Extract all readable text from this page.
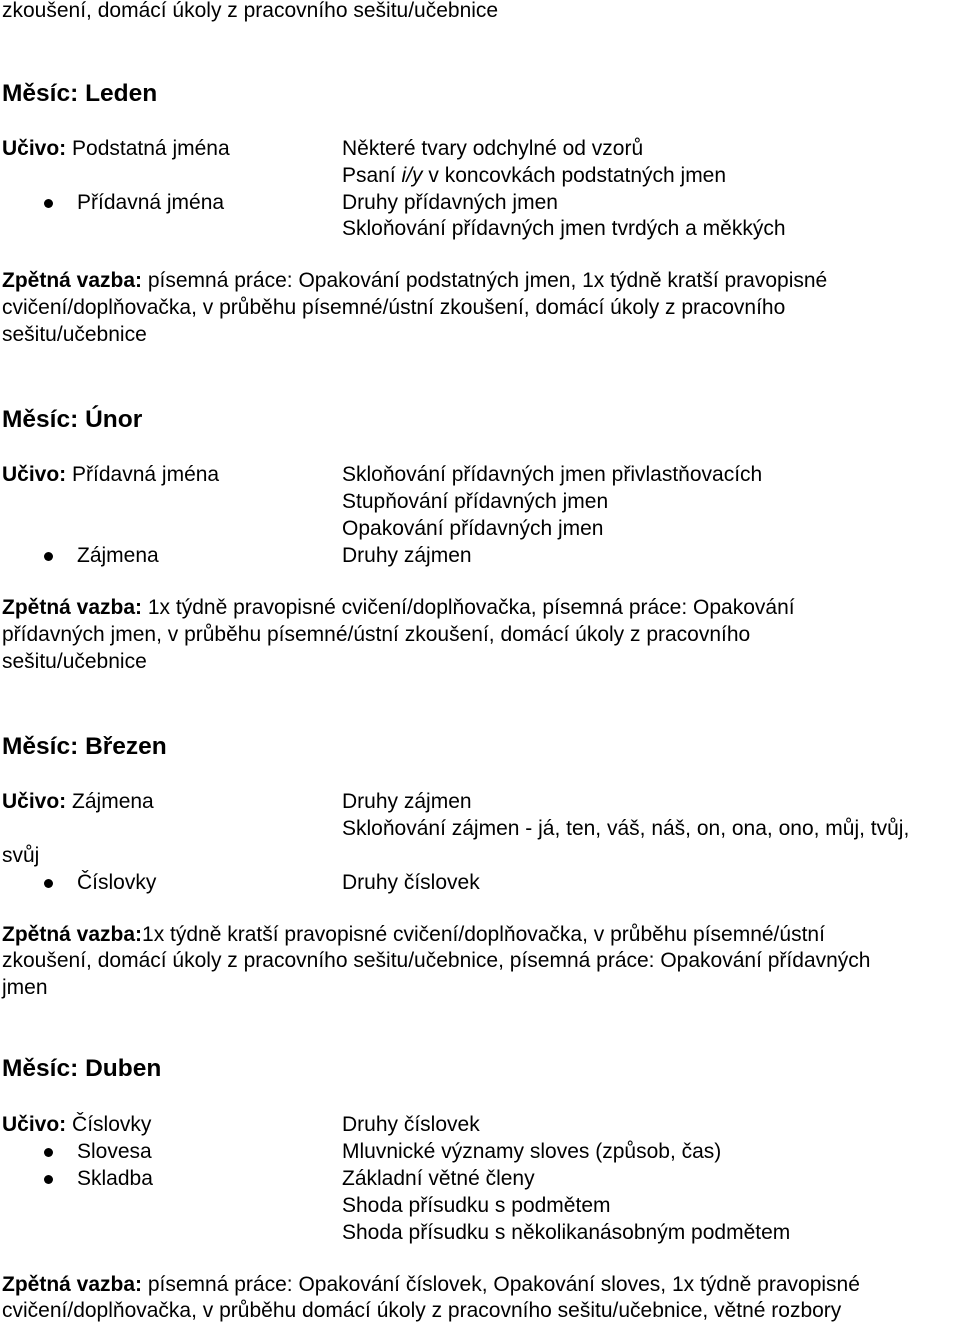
zkoušení, domácí úkoly z pracovního sešitu/učebnice
Měsíc: Leden
Učivo: Podstatná jména
Přídavná jména
Některé tvary odchylné od vzorů
Psaní i/y v koncovkách podstatných jmen
Druhy přídavných jmen
Skloňování přídavných jmen tvrdých a měkkých
Zpětná vazba: písemná práce: Opakování podstatných jmen, 1x týdně kratší pravopisné
cvičení/doplňovačka, v průběhu písemné/ústní zkoušení, domácí úkoly z pracovního
sešitu/učebnice
Měsíc: Únor
Učivo: Přídavná jména
Zájmena
Skloňování přídavných jmen přivlastňovacích
Stupňování přídavných jmen
Opakování přídavných jmen
Druhy zájmen
Zpětná vazba: 1x týdně pravopisné cvičení/doplňovačka, písemná práce: Opakování
přídavných jmen, v průběhu písemné/ústní zkoušení, domácí úkoly z pracovního
sešitu/učebnice
Měsíc: Březen
Učivo: Zájmena	Druhy zájmen
Skloňování zájmen - já, ten, váš, náš, on, ona, ono, můj, tvůj,
svůj
Číslovky	Druhy číslovek
Zpětná vazba:1x týdně kratší pravopisné cvičení/doplňovačka, v průběhu písemné/ústní
zkoušení, domácí úkoly z pracovního sešitu/učebnice, písemná práce: Opakování přídavných
jmen
Měsíc: Duben
Učivo: Číslovky
Slovesa
Skladba
Druhy číslovek
Mluvnické významy sloves (způsob, čas)
Základní větné členy
Shoda přísudku s podmětem
Shoda přísudku s několikanásobným podmětem
Zpětná vazba: písemná práce: Opakování číslovek, Opakování sloves, 1x týdně pravopisné
cvičení/doplňovačka, v průběhu domácí úkoly z pracovního sešitu/učebnice, větné rozbory
